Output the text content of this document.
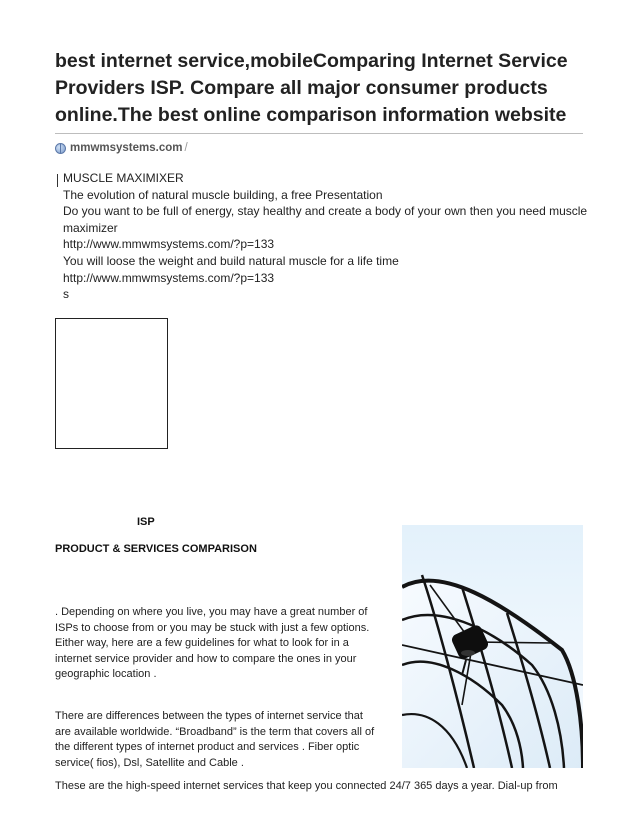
best internet service,mobileComparing Internet Service
Providers ISP. Compare all major consumer products
online.The best online comparison information website
mmwmsystems.com /
MUSCLE MAXIMIXER
The evolution of natural muscle building, a free Presentation
Do you want to be full of energy, stay healthy and create a body of your own then you need muscle
maximizer
http://www.mmwmsystems.com/?p=133
You will loose the weight and build natural muscle for a life time
http://www.mmwmsystems.com/?p=133
s
ISP
PRODUCT & SERVICES COMPARISON
. Depending on where you live, you may have a great number of
ISPs to choose from or you may be stuck with just a few options.
Either way, here are a few guidelines for what to look for in a
internet service provider and how to compare the ones in your
geographic location .
There are differences between the types of internet service that
are available worldwide. “Broadband” is the term that covers all of
the different types of internet product and services . Fiber optic
service( fios), Dsl, Satellite and Cable .
These are the high-speed internet services that keep you connected 24/7 365 days a year. Dial-up from
